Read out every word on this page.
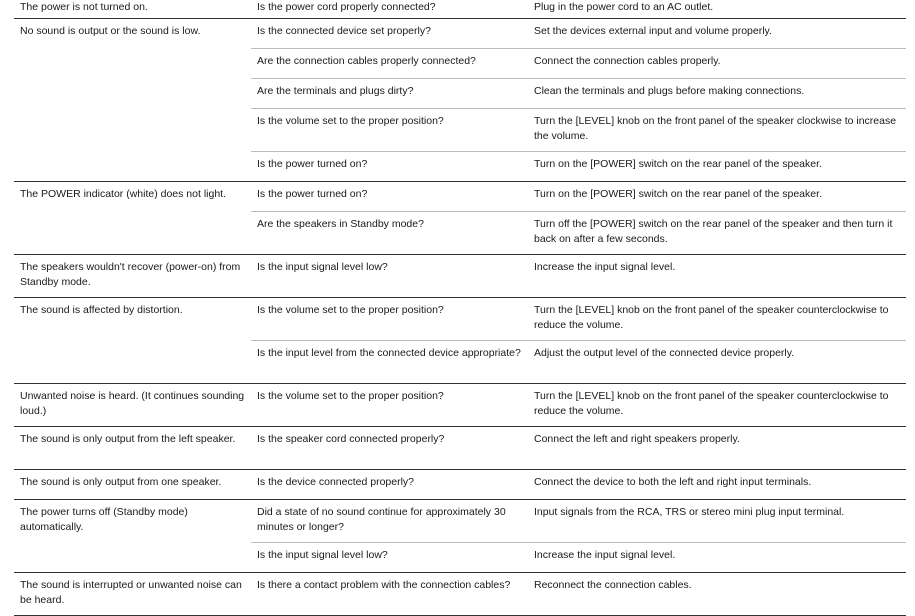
The power is not turned on.	Is the power cord properly connected?	Plug in the power cord to an AC outlet.
No sound is output or the sound is low.	Is the connected device set properly?	Set the devices external input and volume properly.
	Are the connection cables properly connected?	Connect the connection cables properly.
	Are the terminals and plugs dirty?	Clean the terminals and plugs before making connections.
	Is the volume set to the proper position?	Turn the [LEVEL] knob on the front panel of the speaker clockwise to increase the volume.
	Is the power turned on?	Turn on the [POWER] switch on the rear panel of the speaker.
The POWER indicator (white) does not light.	Is the power turned on?	Turn on the [POWER] switch on the rear panel of the speaker.
	Are the speakers in Standby mode?	Turn off the [POWER] switch on the rear panel of the speaker and then turn it back on after a few seconds.
The speakers wouldn't recover (power-on) from Standby mode.	Is the input signal level low?	Increase the input signal level.
The sound is affected by distortion.	Is the volume set to the proper position?	Turn the [LEVEL] knob on the front panel of the speaker counterclockwise to reduce the volume.
	Is the input level from the connected device appropriate?	Adjust the output level of the connected device properly.
Unwanted noise is heard. (It continues sounding loud.)	Is the volume set to the proper position?	Turn the [LEVEL] knob on the front panel of the speaker counterclockwise to reduce the volume.
The sound is only output from the left speaker.	Is the speaker cord connected properly?	Connect the left and right speakers properly.
The sound is only output from one speaker.	Is the device connected properly?	Connect the device to both the left and right input terminals.
The power turns off (Standby mode) automatically.	Did a state of no sound continue for approximately 30 minutes or longer?	Input signals from the RCA, TRS or stereo mini plug input terminal.
	Is the input signal level low?	Increase the input signal level.
The sound is interrupted or unwanted noise can be heard.	Is there a contact problem with the connection cables?	Reconnect the connection cables.
